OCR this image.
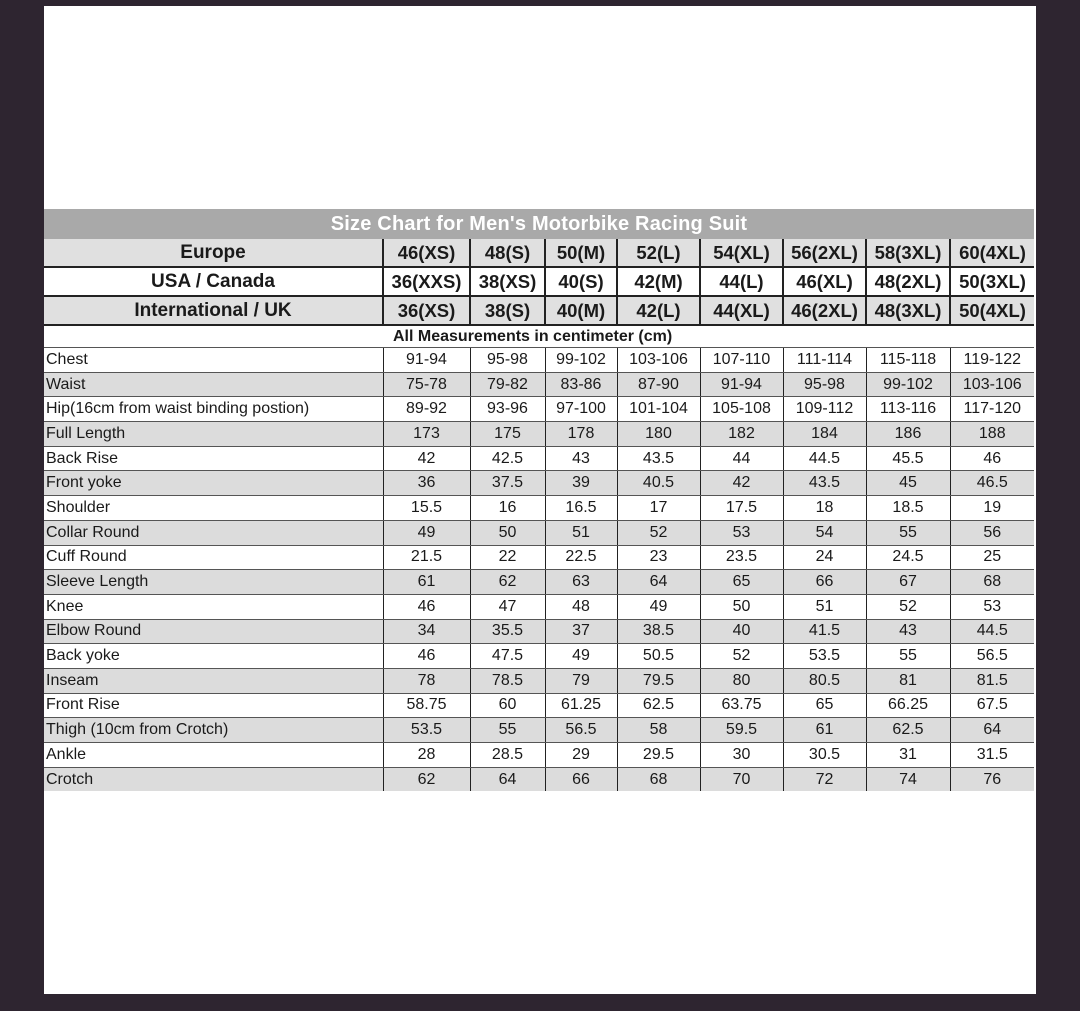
Size Chart for Men's Motorbike Racing Suit								
Europe	46(XS)	48(S)	50(M)	52(L)	54(XL)	56(2XL)	58(3XL)	60(4XL)
USA / Canada	36(XXS)	38(XS)	40(S)	42(M)	44(L)	46(XL)	48(2XL)	50(3XL)
International / UK	36(XS)	38(S)	40(M)	42(L)	44(XL)	46(2XL)	48(3XL)	50(4XL)
	All Measurements in centimeter (cm)							
Chest	91-94	95-98	99-102	103-106	107-110	111-114	115-118	119-122
Waist	75-78	79-82	83-86	87-90	91-94	95-98	99-102	103-106
Hip(16cm from waist binding postion)	89-92	93-96	97-100	101-104	105-108	109-112	113-116	117-120
Full Length	173	175	178	180	182	184	186	188
Back Rise	42	42.5	43	43.5	44	44.5	45.5	46
Front yoke	36	37.5	39	40.5	42	43.5	45	46.5
Shoulder	15.5	16	16.5	17	17.5	18	18.5	19
Collar Round	49	50	51	52	53	54	55	56
Cuff Round	21.5	22	22.5	23	23.5	24	24.5	25
Sleeve Length	61	62	63	64	65	66	67	68
Knee	46	47	48	49	50	51	52	53
Elbow Round	34	35.5	37	38.5	40	41.5	43	44.5
Back yoke	46	47.5	49	50.5	52	53.5	55	56.5
Inseam	78	78.5	79	79.5	80	80.5	81	81.5
Front Rise	58.75	60	61.25	62.5	63.75	65	66.25	67.5
Thigh (10cm from Crotch)	53.5	55	56.5	58	59.5	61	62.5	64
Ankle	28	28.5	29	29.5	30	30.5	31	31.5
Crotch	62	64	66	68	70	72	74	76
